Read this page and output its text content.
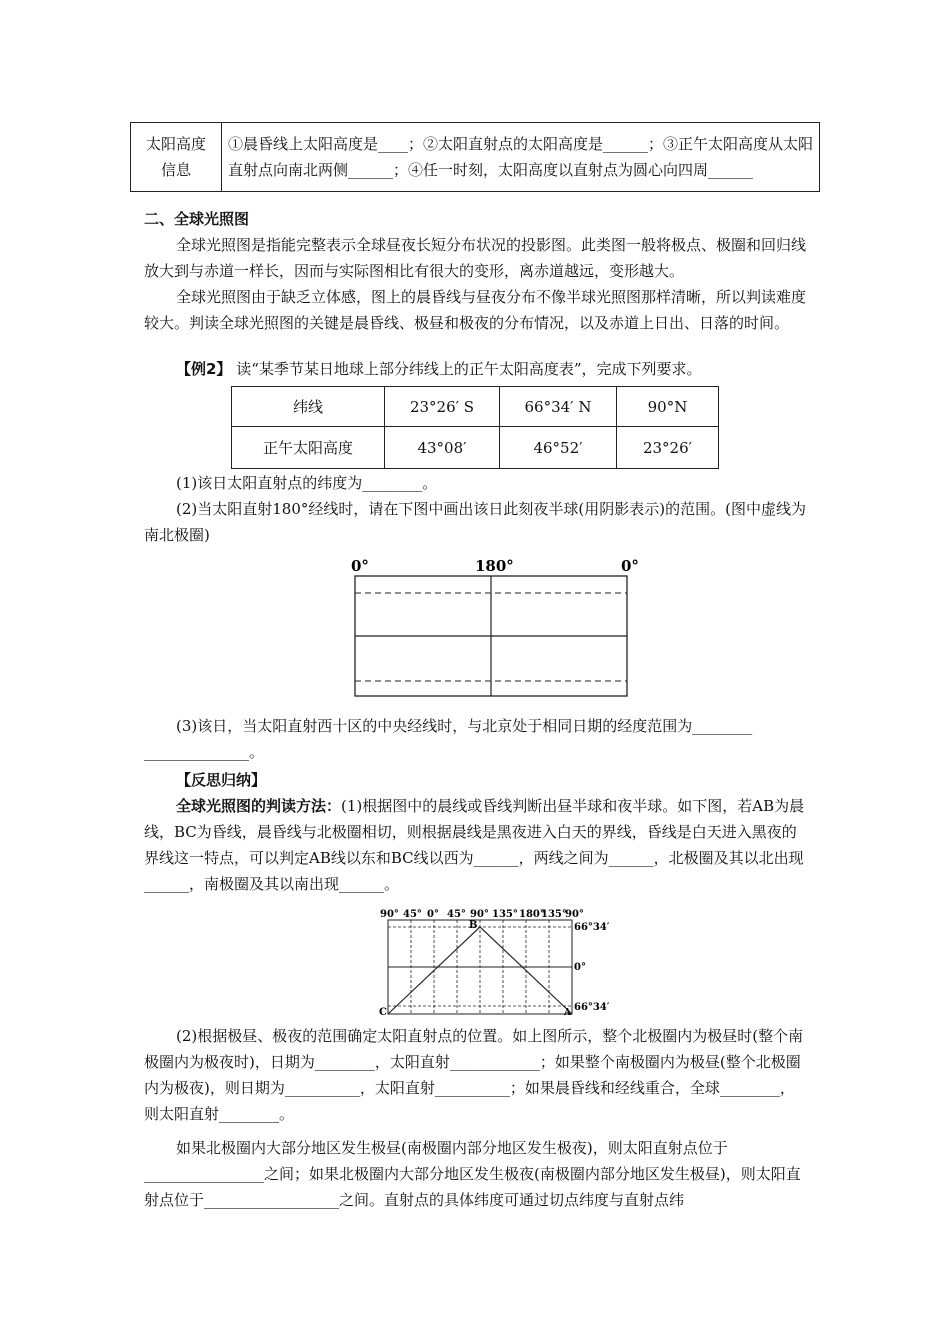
太阳高度信息	①晨昏线上太阳高度是____；②太阳直射点的太阳高度是______；③正午太阳高度从太阳直射点向南北两侧______；④任一时刻，太阳高度以直射点为圆心向四周______

二、全球光照图

全球光照图是指能完整表示全球昼夜长短分布状况的投影图。此类图一般将极点、极圈和回归线放大到与赤道一样长，因而与实际图相比有很大的变形，离赤道越远，变形越大。

全球光照图由于缺乏立体感，图上的晨昏线与昼夜分布不像半球光照图那样清晰，所以判读难度较大。判读全球光照图的关键是晨昏线、极昼和极夜的分布情况，以及赤道上日出、日落的时间。

【例2】 读“某季节某日地球上部分纬线上的正午太阳高度表”，完成下列要求。

纬线	23°26′ S	66°34′ N	90°N
正午太阳高度	43°08′	46°52′	23°26′

(1)该日太阳直射点的纬度为________。

(2)当太阳直射180°经线时，请在下图中画出该日此刻夜半球(用阴影表示)的范围。(图中虚线为南北极圈)

0°	180°	0°

(3)该日，当太阳直射西十区的中央经线时，与北京处于相同日期的经度范围为________

______________。

【反思归纳】

全球光照图的判读方法：(1)根据图中的晨线或昏线判断出昼半球和夜半球。如下图，若AB为晨线，BC为昏线，晨昏线与北极圈相切，则根据晨线是黑夜进入白天的界线，昏线是白天进入黑夜的界线这一特点，可以判定AB线以东和BC线以西为______，两线之间为______，北极圈及其以北出现______，南极圈及其以南出现______。

90° 45° 0° 45° 90° 135° 180°
135°
90°
B
C	A
66°34′
0°
66°34′

(2)根据极昼、极夜的范围确定太阳直射点的位置。如上图所示，整个北极圈内为极昼时(整个南极圈内为极夜时)，日期为________，太阳直射____________；如果整个南极圈内为极昼(整个北极圈内为极夜)，则日期为__________，太阳直射__________；如果晨昏线和经线重合，全球________，则太阳直射________。

如果北极圈内大部分地区发生极昼(南极圈内部分地区发生极夜)，则太阳直射点位于________________之间；如果北极圈内大部分地区发生极夜(南极圈内部分地区发生极昼)，则太阳直射点位于__________________之间。直射点的具体纬度可通过切点纬度与直射点纬
